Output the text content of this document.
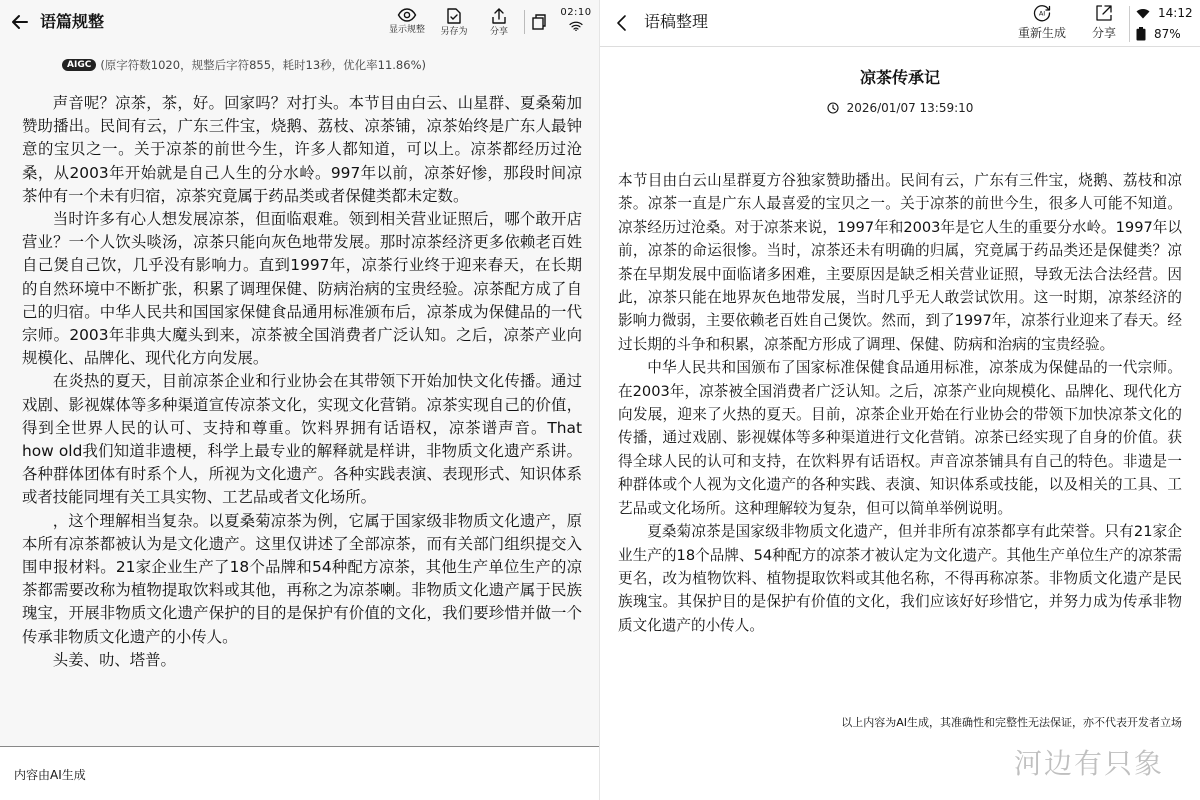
语篇规整	显示规整	另存为	分享
02:10
AIGC (原字符数1020，规整后字符855，耗时13秒，优化率11.86%)

声音呢？凉茶，茶，好。回家吗？对打头。本节目由白云、山星群、夏桑菊加赞助播出。民间有云，广东三件宝，烧鹅、荔枝、凉茶铺，凉茶始终是广东人最钟意的宝贝之一。关于凉茶的前世今生，许多人都知道，可以上。凉茶都经历过沧桑，从2003年开始就是自己人生的分水岭。997年以前，凉茶好惨，那段时间凉茶仲有一个未有归宿，凉茶究竟属于药品类或者保健类都未定数。

当时许多有心人想发展凉茶，但面临艰难。领到相关营业证照后，哪个敢开店营业？一个人饮头啖汤，凉茶只能向灰色地带发展。那时凉茶经济更多依赖老百姓自己煲自己饮，几乎没有影响力。直到1997年，凉茶行业终于迎来春天，在长期的自然环境中不断扩张，积累了调理保健、防病治病的宝贵经验。凉茶配方成了自己的归宿。中华人民共和国国家保健食品通用标准颁布后，凉茶成为保健品的一代宗师。2003年非典大魔头到来，凉茶被全国消费者广泛认知。之后，凉茶产业向规模化、品牌化、现代化方向发展。

在炎热的夏天，目前凉茶企业和行业协会在其带领下开始加快文化传播。通过戏剧、影视媒体等多种渠道宣传凉茶文化，实现文化营销。凉茶实现自己的价值，得到全世界人民的认可、支持和尊重。饮料界拥有话语权，凉茶谱声音。That how old我们知道非遗梗，科学上最专业的解释就是样讲，非物质文化遗产系讲。各种群体团体有时系个人，所视为文化遗产。各种实践表演、表现形式、知识体系或者技能同埋有关工具实物、工艺品或者文化场所。

，这个理解相当复杂。以夏桑菊凉茶为例，它属于国家级非物质文化遗产，原本所有凉茶都被认为是文化遗产。这里仅讲述了全部凉茶，而有关部门组织提交入围申报材料。21家企业生产了18个品牌和54种配方凉茶，其他生产单位生产的凉茶都需要改称为植物提取饮料或其他，再称之为凉茶喇。非物质文化遗产属于民族瑰宝，开展非物质文化遗产保护的目的是保护有价值的文化，我们要珍惜并做一个传承非物质文化遗产的小传人。

头姜、叻、塔普。

内容由AI生成
语稿整理	AI
重新生成 分享
14:12
87%
凉茶传承记
2026/01/07 13:59:10

本节目由白云山星群夏方谷独家赞助播出。民间有云，广东有三件宝，烧鹅、荔枝和凉茶。凉茶一直是广东人最喜爱的宝贝之一。关于凉茶的前世今生，很多人可能不知道。凉茶经历过沧桑。对于凉茶来说，1997年和2003年是它人生的重要分水岭。1997年以前，凉茶的命运很惨。当时，凉茶还未有明确的归属，究竟属于药品类还是保健类？凉茶在早期发展中面临诸多困难，主要原因是缺乏相关营业证照，导致无法合法经营。因此，凉茶只能在地界灰色地带发展，当时几乎无人敢尝试饮用。这一时期，凉茶经济的影响力微弱，主要依赖老百姓自己煲饮。然而，到了1997年，凉茶行业迎来了春天。经过长期的斗争和积累，凉茶配方形成了调理、保健、防病和治病的宝贵经验。

中华人民共和国颁布了国家标准保健食品通用标准，凉茶成为保健品的一代宗师。在2003年，凉茶被全国消费者广泛认知。之后，凉茶产业向规模化、品牌化、现代化方向发展，迎来了火热的夏天。目前，凉茶企业开始在行业协会的带领下加快凉茶文化的传播，通过戏剧、影视媒体等多种渠道进行文化营销。凉茶已经实现了自身的价值。获得全球人民的认可和支持，在饮料界有话语权。声音凉茶铺具有自己的特色。非遗是一种群体或个人视为文化遗产的各种实践、表演、知识体系或技能，以及相关的工具、工艺品或文化场所。这种理解较为复杂，但可以简单举例说明。

夏桑菊凉茶是国家级非物质文化遗产，但并非所有凉茶都享有此荣誉。只有21家企业生产的18个品牌、54种配方的凉茶才被认定为文化遗产。其他生产单位生产的凉茶需更名，改为植物饮料、植物提取饮料或其他名称，不得再称凉茶。非物质文化遗产是民族瑰宝。其保护目的是保护有价值的文化，我们应该好好珍惜它，并努力成为传承非物质文化遗产的小传人。

以上内容为AI生成，其准确性和完整性无法保证，亦不代表开发者立场
河边有只象
